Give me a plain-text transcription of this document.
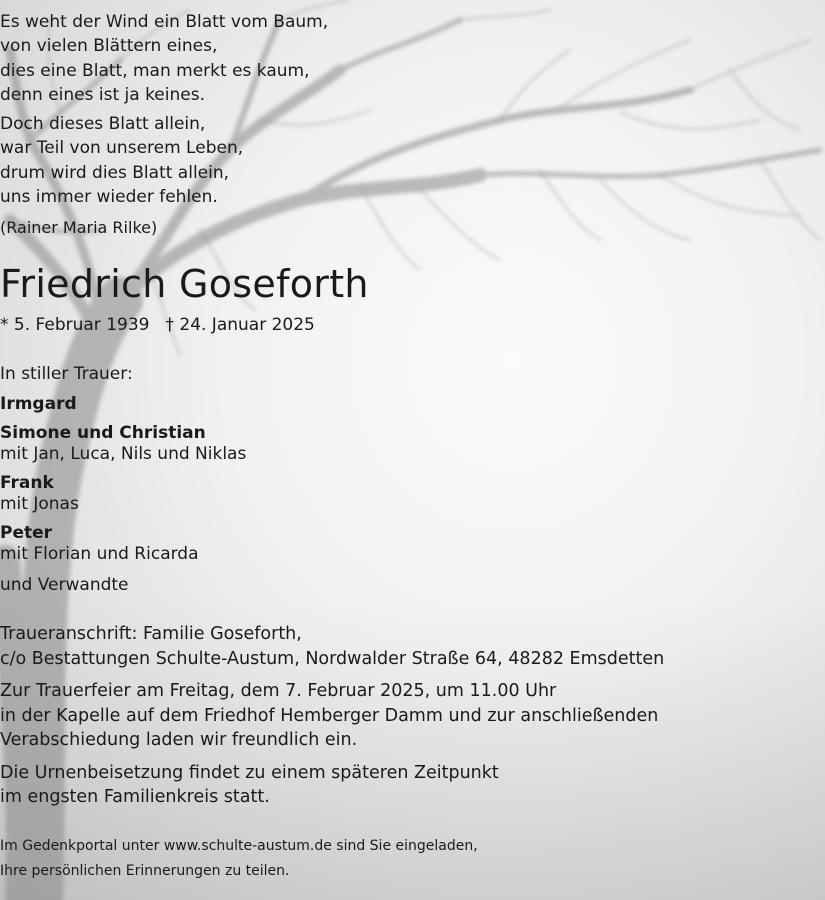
Es weht der Wind ein Blatt vom Baum,
von vielen Blättern eines,
dies eine Blatt, man merkt es kaum,
denn eines ist ja keines.
Doch dieses Blatt allein,
war Teil von unserem Leben,
drum wird dies Blatt allein,
uns immer wieder fehlen.
(Rainer Maria Rilke)
Friedrich Goseforth
* 5. Februar 1939 † 24. Januar 2025
In stiller Trauer:
Irmgard
Simone und Christian
mit Jan, Luca, Nils und Niklas
Frank
mit Jonas
Peter
mit Florian und Ricarda
und Verwandte
Traueranschrift: Familie Goseforth,
c/o Bestattungen Schulte-Austum, Nordwalder Straße 64, 48282 Emsdetten
Zur Trauerfeier am Freitag, dem 7. Februar 2025, um 11.00 Uhr
in der Kapelle auf dem Friedhof Hemberger Damm und zur anschließenden
Verabschiedung laden wir freundlich ein.
Die Urnenbeisetzung findet zu einem späteren Zeitpunkt
im engsten Familienkreis statt.
Im Gedenkportal unter www.schulte-austum.de sind Sie eingeladen,
Ihre persönlichen Erinnerungen zu teilen.
